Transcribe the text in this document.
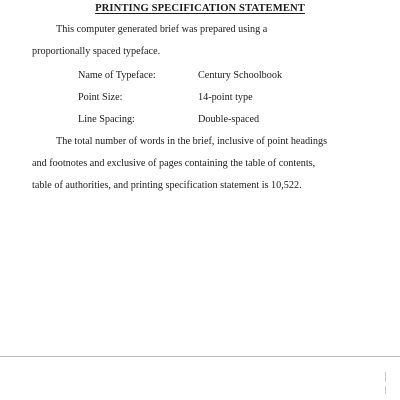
PRINTING SPECIFICATION STATEMENT
This computer generated brief was prepared using a
proportionally spaced typeface.
Name of Typeface:	Century Schoolbook
Point Size:	14-point type
Line Spacing:	Double-spaced
The total number of words in the brief, inclusive of point headings
and footnotes and exclusive of pages containing the table of contents,
table of authorities, and printing specification statement is 10,522.
